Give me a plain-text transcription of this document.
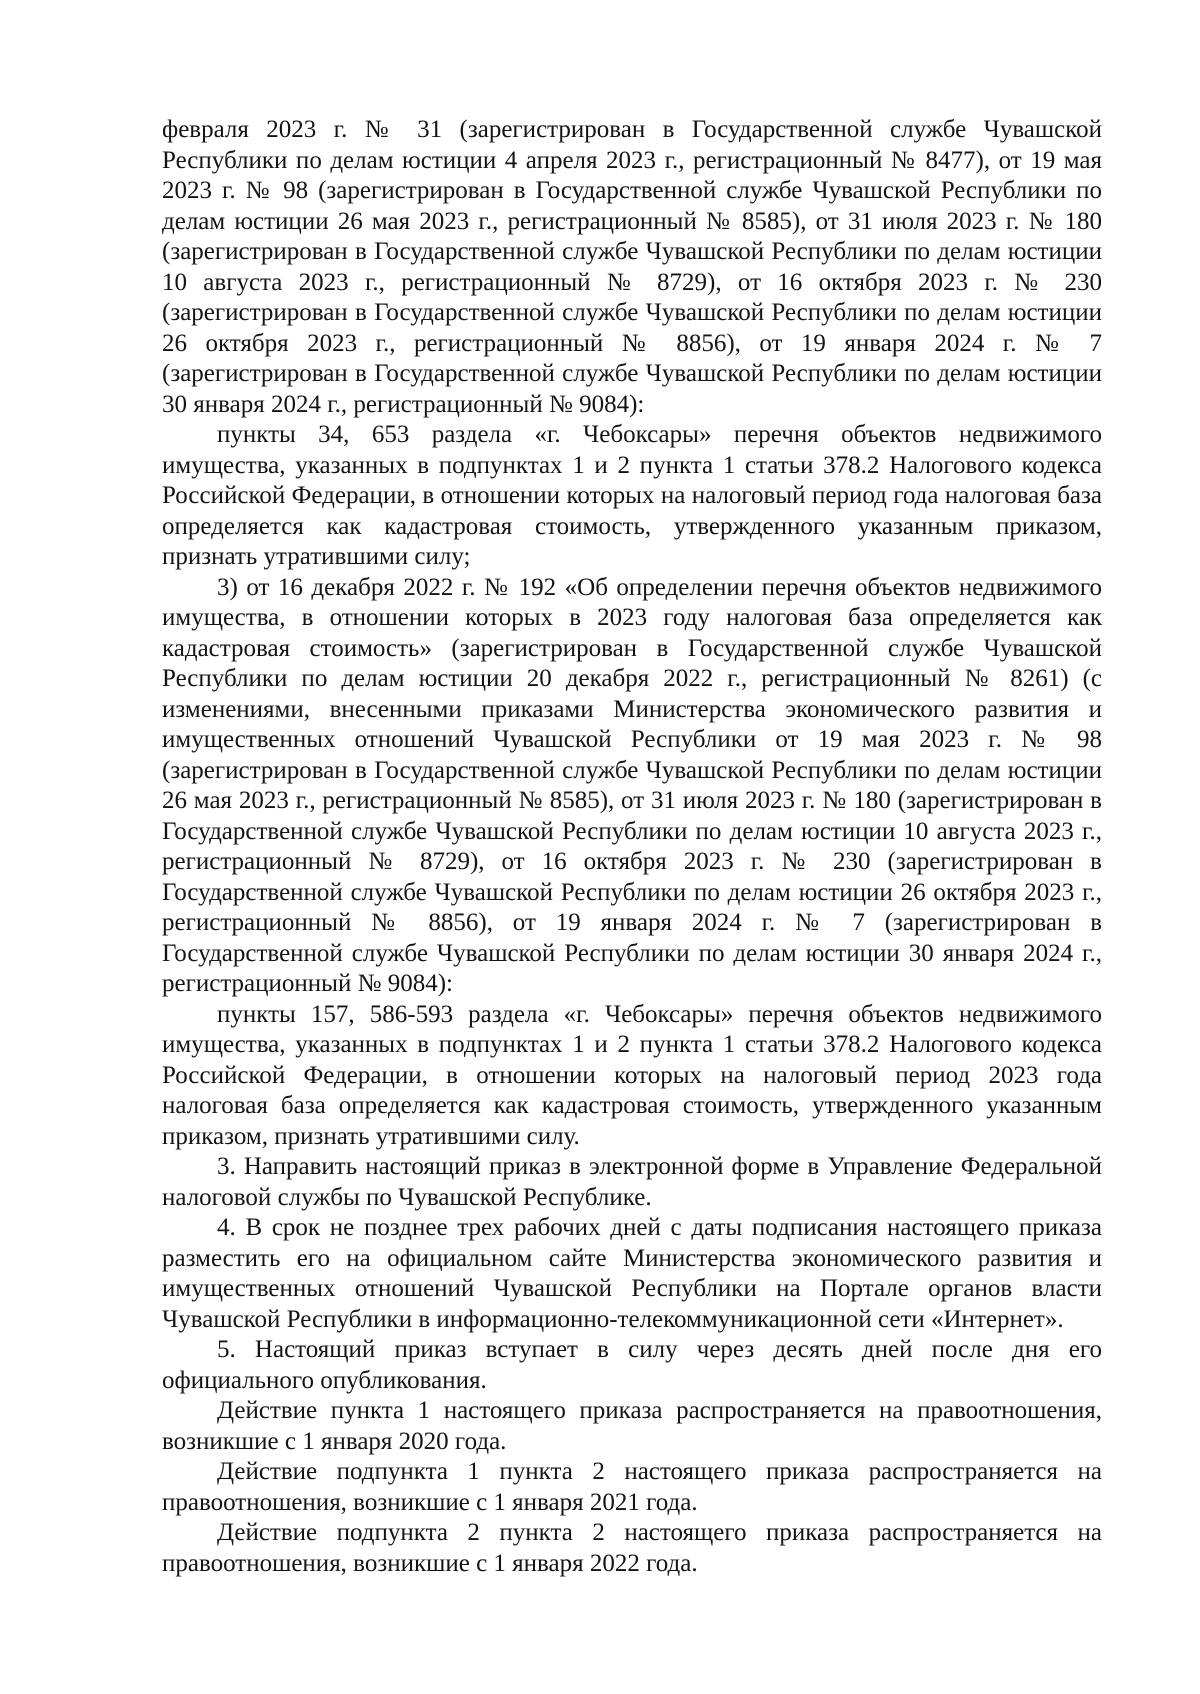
февраля 2023 г. № 31 (зарегистрирован в Государственной службе Чувашской Республики по делам юстиции 4 апреля 2023 г., регистрационный № 8477), от 19 мая 2023 г. № 98 (зарегистрирован в Государственной службе Чувашской Республики по делам юстиции 26 мая 2023 г., регистрационный № 8585), от 31 июля 2023 г. № 180 (зарегистрирован в Государственной службе Чувашской Республики по делам юстиции 10 августа 2023 г., регистрационный № 8729), от 16 октября 2023 г. № 230 (зарегистрирован в Государственной службе Чувашской Республики по делам юстиции 26 октября 2023 г., регистрационный № 8856), от 19 января 2024 г. № 7 (зарегистрирован в Государственной службе Чувашской Республики по делам юстиции 30 января 2024 г., регистрационный № 9084):

пункты 34, 653 раздела «г. Чебоксары» перечня объектов недвижимого имущества, указанных в подпунктах 1 и 2 пункта 1 статьи 378.2 Налогового кодекса Российской Федерации, в отношении которых на налоговый период года налоговая база определяется как кадастровая стоимость, утвержденного указанным приказом, признать утратившими силу;

3) от 16 декабря 2022 г. № 192 «Об определении перечня объектов недвижимого имущества, в отношении которых в 2023 году налоговая база определяется как кадастровая стоимость» (зарегистрирован в Государственной службе Чувашской Республики по делам юстиции 20 декабря 2022 г., регистрационный № 8261) (с изменениями, внесенными приказами Министерства экономического развития и имущественных отношений Чувашской Республики от 19 мая 2023 г. № 98 (зарегистрирован в Государственной службе Чувашской Республики по делам юстиции 26 мая 2023 г., регистрационный № 8585), от 31 июля 2023 г. № 180 (зарегистрирован в Государственной службе Чувашской Республики по делам юстиции 10 августа 2023 г., регистрационный № 8729), от 16 октября 2023 г. № 230 (зарегистрирован в Государственной службе Чувашской Республики по делам юстиции 26 октября 2023 г., регистрационный № 8856), от 19 января 2024 г. № 7 (зарегистрирован в Государственной службе Чувашской Республики по делам юстиции 30 января 2024 г., регистрационный № 9084):

пункты 157, 586-593 раздела «г. Чебоксары» перечня объектов недвижимого имущества, указанных в подпунктах 1 и 2 пункта 1 статьи 378.2 Налогового кодекса Российской Федерации, в отношении которых на налоговый период 2023 года налоговая база определяется как кадастровая стоимость, утвержденного указанным приказом, признать утратившими силу.

3. Направить настоящий приказ в электронной форме в Управление Федеральной налоговой службы по Чувашской Республике.

4. В срок не позднее трех рабочих дней с даты подписания настоящего приказа разместить его на официальном сайте Министерства экономического развития и имущественных отношений Чувашской Республики на Портале органов власти Чувашской Республики в информационно-телекоммуникационной сети «Интернет».

5. Настоящий приказ вступает в силу через десять дней после дня его официального опубликования.

Действие пункта 1 настоящего приказа распространяется на правоотношения, возникшие с 1 января 2020 года.

Действие подпункта 1 пункта 2 настоящего приказа распространяется на правоотношения, возникшие с 1 января 2021 года.

Действие подпункта 2 пункта 2 настоящего приказа распространяется на правоотношения, возникшие с 1 января 2022 года.
